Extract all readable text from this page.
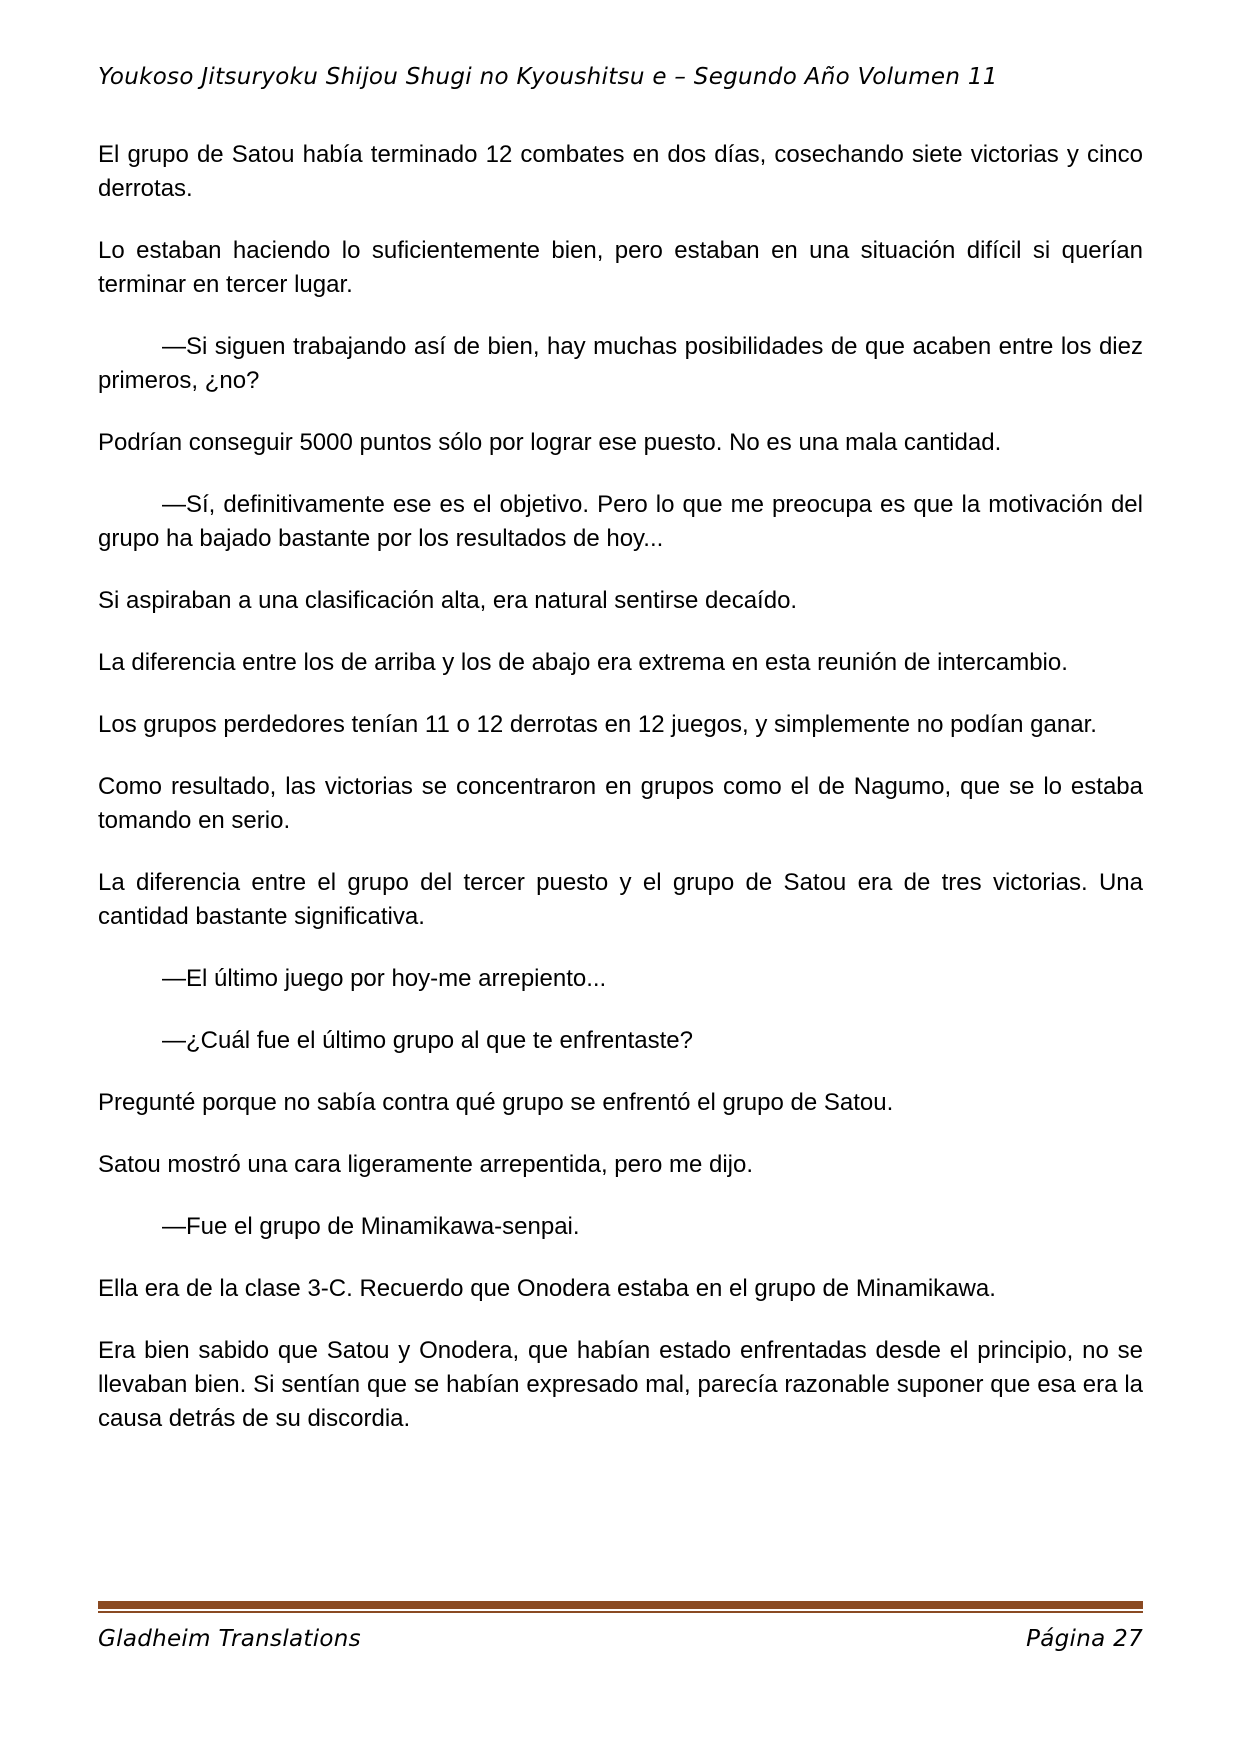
Youkoso Jitsuryoku Shijou Shugi no Kyoushitsu e – Segundo Año Volumen 11

El grupo de Satou había terminado 12 combates en dos días, cosechando siete victorias y cinco derrotas.

Lo estaban haciendo lo suficientemente bien, pero estaban en una situación difícil si querían terminar en tercer lugar.

—Si siguen trabajando así de bien, hay muchas posibilidades de que acaben entre los diez primeros, ¿no?

Podrían conseguir 5000 puntos sólo por lograr ese puesto. No es una mala cantidad.

—Sí, definitivamente ese es el objetivo. Pero lo que me preocupa es que la motivación del grupo ha bajado bastante por los resultados de hoy...

Si aspiraban a una clasificación alta, era natural sentirse decaído.

La diferencia entre los de arriba y los de abajo era extrema en esta reunión de intercambio.

Los grupos perdedores tenían 11 o 12 derrotas en 12 juegos, y simplemente no podían ganar.

Como resultado, las victorias se concentraron en grupos como el de Nagumo, que se lo estaba tomando en serio.

La diferencia entre el grupo del tercer puesto y el grupo de Satou era de tres victorias. Una cantidad bastante significativa.

—El último juego por hoy-me arrepiento...

—¿Cuál fue el último grupo al que te enfrentaste?

Pregunté porque no sabía contra qué grupo se enfrentó el grupo de Satou.

Satou mostró una cara ligeramente arrepentida, pero me dijo.

—Fue el grupo de Minamikawa-senpai.

Ella era de la clase 3-C. Recuerdo que Onodera estaba en el grupo de Minamikawa.

Era bien sabido que Satou y Onodera, que habían estado enfrentadas desde el principio, no se llevaban bien. Si sentían que se habían expresado mal, parecía razonable suponer que esa era la causa detrás de su discordia.

Gladheim Translations	Página 27
